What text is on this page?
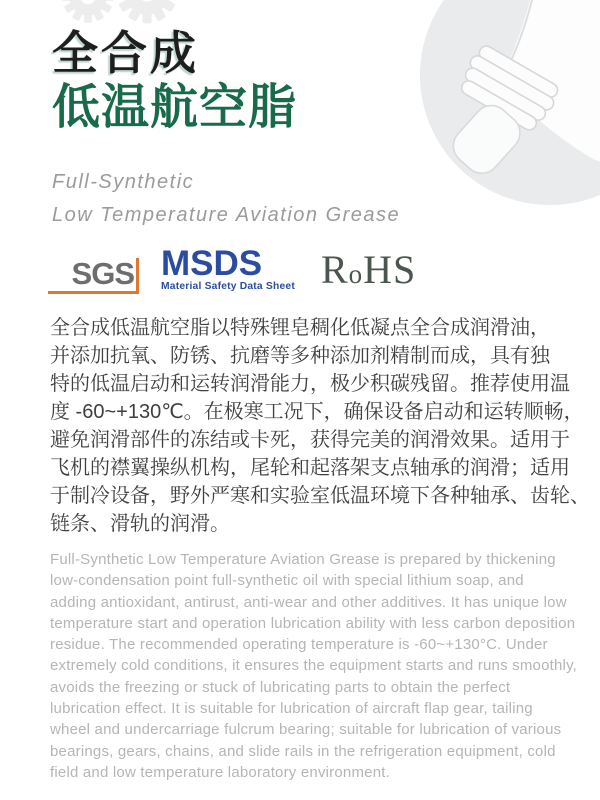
全合成
低温航空脂
Full-Synthetic
Low Temperature Aviation Grease
SGS MSDS
Material Safety Data Sheet RoHS
全合成低温航空脂以特殊锂皂稠化低凝点全合成润滑油，
并添加抗氧、防锈、抗磨等多种添加剂精制而成，具有独
特的低温启动和运转润滑能力，极少积碳残留。推荐使用温
度 -60~+130℃。在极寒工况下，确保设备启动和运转顺畅，
避免润滑部件的冻结或卡死，获得完美的润滑效果。适用于
飞机的襟翼操纵机构，尾轮和起落架支点轴承的润滑；适用
于制冷设备，野外严寒和实验室低温环境下各种轴承、齿轮、
链条、滑轨的润滑。
Full-Synthetic Low Temperature Aviation Grease is prepared by thickening
low-condensation point full-synthetic oil with special lithium soap, and
adding antioxidant, antirust, anti-wear and other additives. It has unique low
temperature start and operation lubrication ability with less carbon deposition
residue. The recommended operating temperature is -60~+130°C. Under
extremely cold conditions, it ensures the equipment starts and runs smoothly,
avoids the freezing or stuck of lubricating parts to obtain the perfect
lubrication effect. It is suitable for lubrication of aircraft flap gear, tailing
wheel and undercarriage fulcrum bearing; suitable for lubrication of various
bearings, gears, chains, and slide rails in the refrigeration equipment, cold
field and low temperature laboratory environment.
